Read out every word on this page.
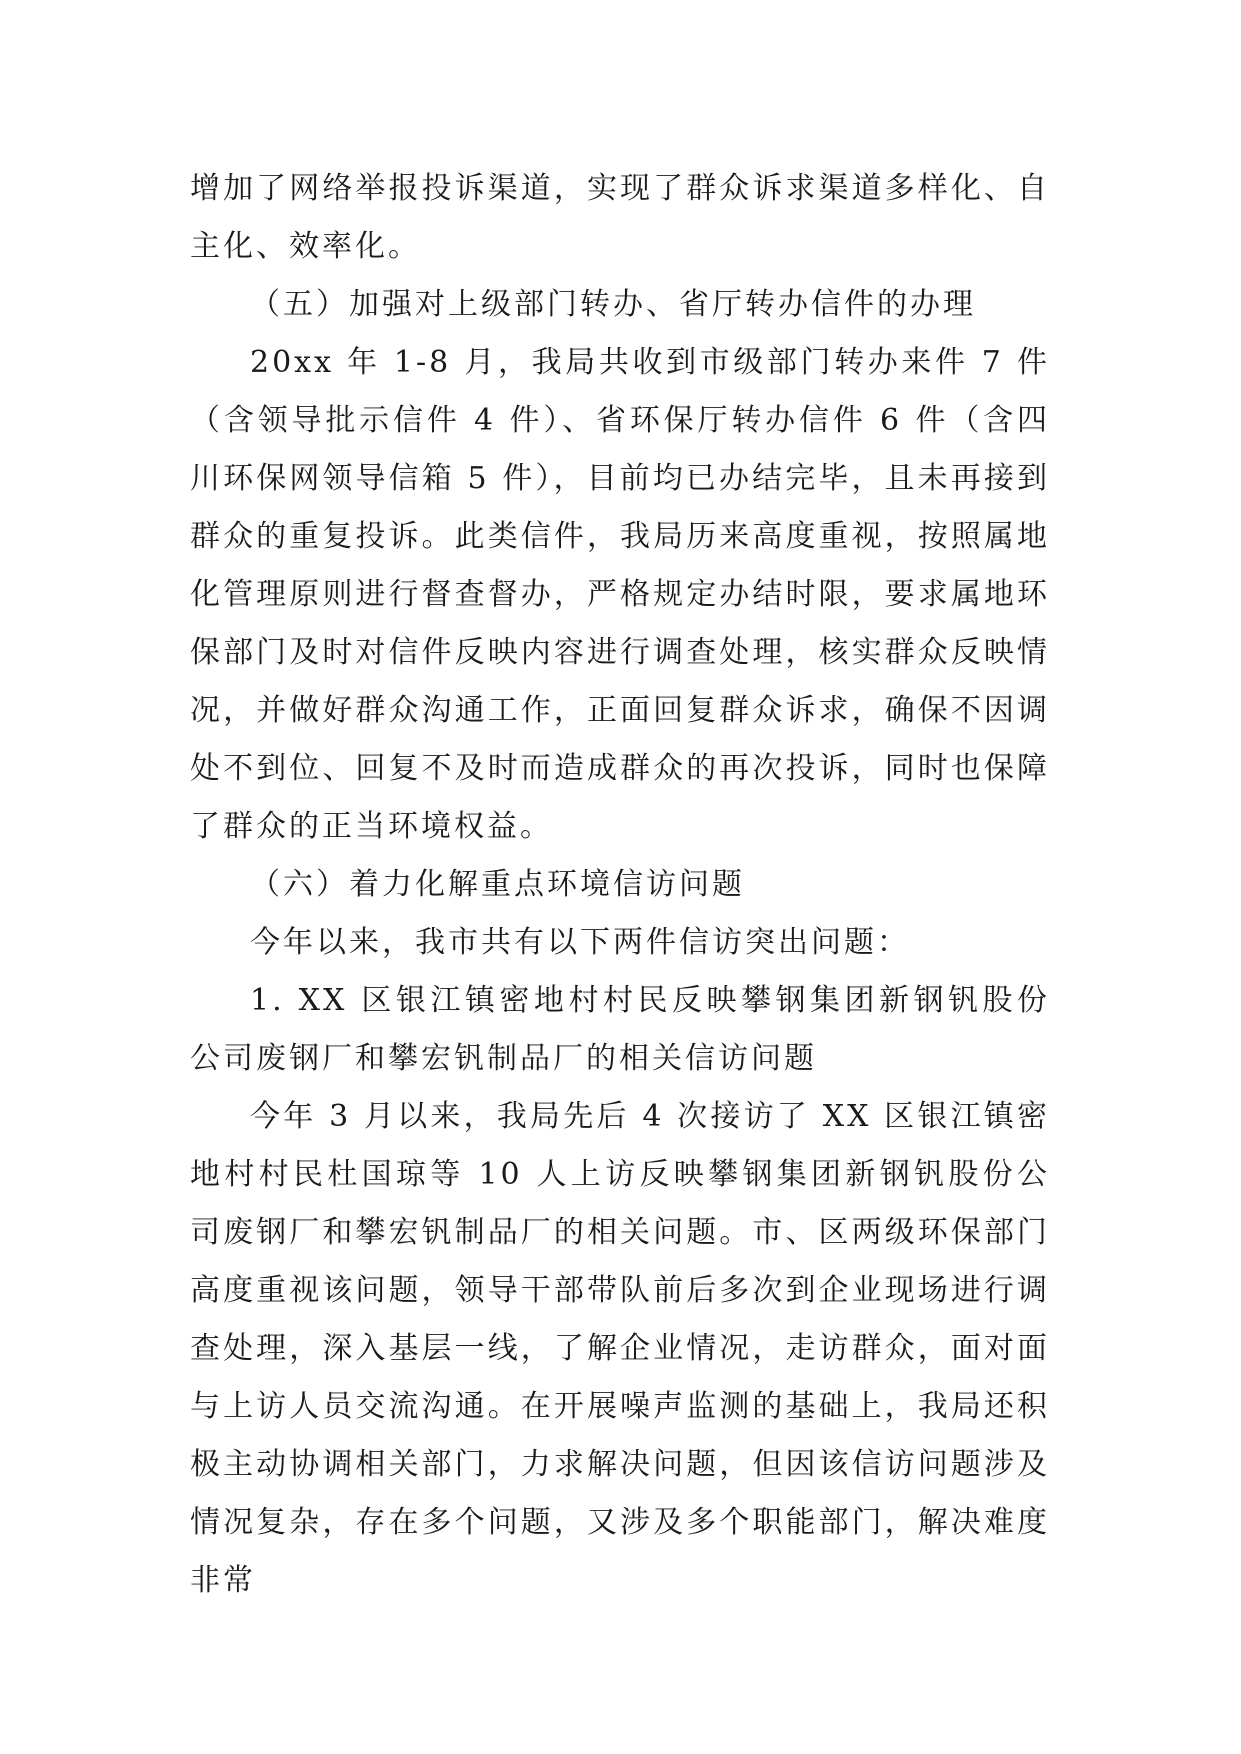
增加了网络举报投诉渠道，实现了群众诉求渠道多样化、自主化、效率化。

（五）加强对上级部门转办、省厅转办信件的办理

20xx 年 1-8 月，我局共收到市级部门转办来件 7 件（含领导批示信件 4 件）、省环保厅转办信件 6 件（含四川环保网领导信箱 5 件），目前均已办结完毕，且未再接到群众的重复投诉。此类信件，我局历来高度重视，按照属地化管理原则进行督查督办，严格规定办结时限，要求属地环保部门及时对信件反映内容进行调查处理，核实群众反映情况，并做好群众沟通工作，正面回复群众诉求，确保不因调处不到位、回复不及时而造成群众的再次投诉，同时也保障了群众的正当环境权益。

（六）着力化解重点环境信访问题

今年以来，我市共有以下两件信访突出问题：

1. XX 区银江镇密地村村民反映攀钢集团新钢钒股份公司废钢厂和攀宏钒制品厂的相关信访问题

今年 3 月以来，我局先后 4 次接访了 XX 区银江镇密地村村民杜国琼等 10 人上访反映攀钢集团新钢钒股份公司废钢厂和攀宏钒制品厂的相关问题。市、区两级环保部门高度重视该问题，领导干部带队前后多次到企业现场进行调查处理，深入基层一线，了解企业情况，走访群众，面对面与上访人员交流沟通。在开展噪声监测的基础上，我局还积极主动协调相关部门，力求解决问题，但因该信访问题涉及情况复杂，存在多个问题，又涉及多个职能部门，解决难度非常
